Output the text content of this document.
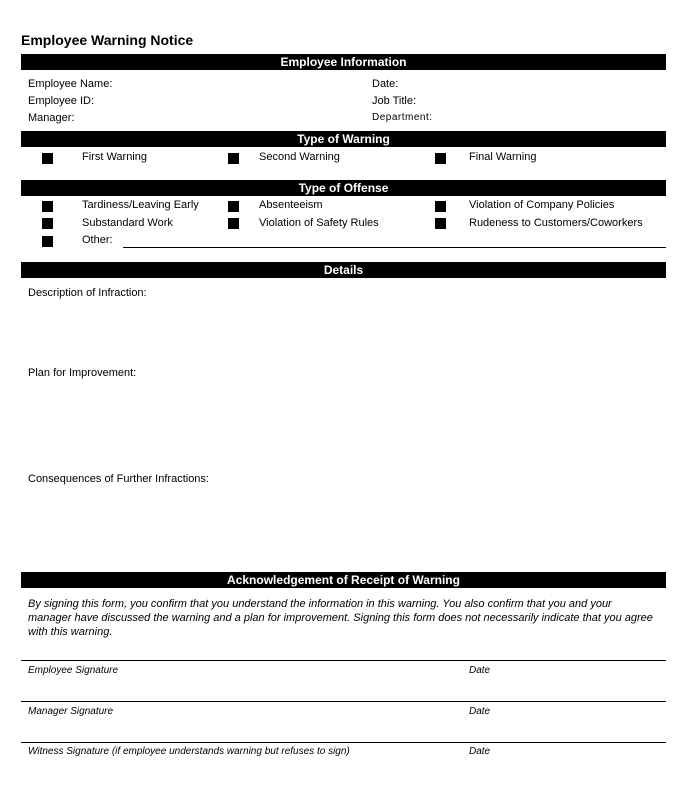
Employee Warning Notice
Employee Information
Employee Name:	Date:
Employee ID:	Job Title:
Manager:	Department:
Type of Warning
First Warning	Second Warning	Final Warning
Type of Offense
Tardiness/Leaving Early	Absenteeism	Violation of Company Policies
Substandard Work	Violation of Safety Rules	Rudeness to Customers/Coworkers
Other:
Details
Description of Infraction:
Plan for Improvement:
Consequences of Further Infractions:
Acknowledgement of Receipt of Warning
By signing this form, you confirm that you understand the information in this warning. You also confirm that you and your manager have discussed the warning and a plan for improvement. Signing this form does not necessarily indicate that you agree with this warning.
Employee Signature	Date
Manager Signature	Date
Witness Signature (if employee understands warning but refuses to sign)	Date
